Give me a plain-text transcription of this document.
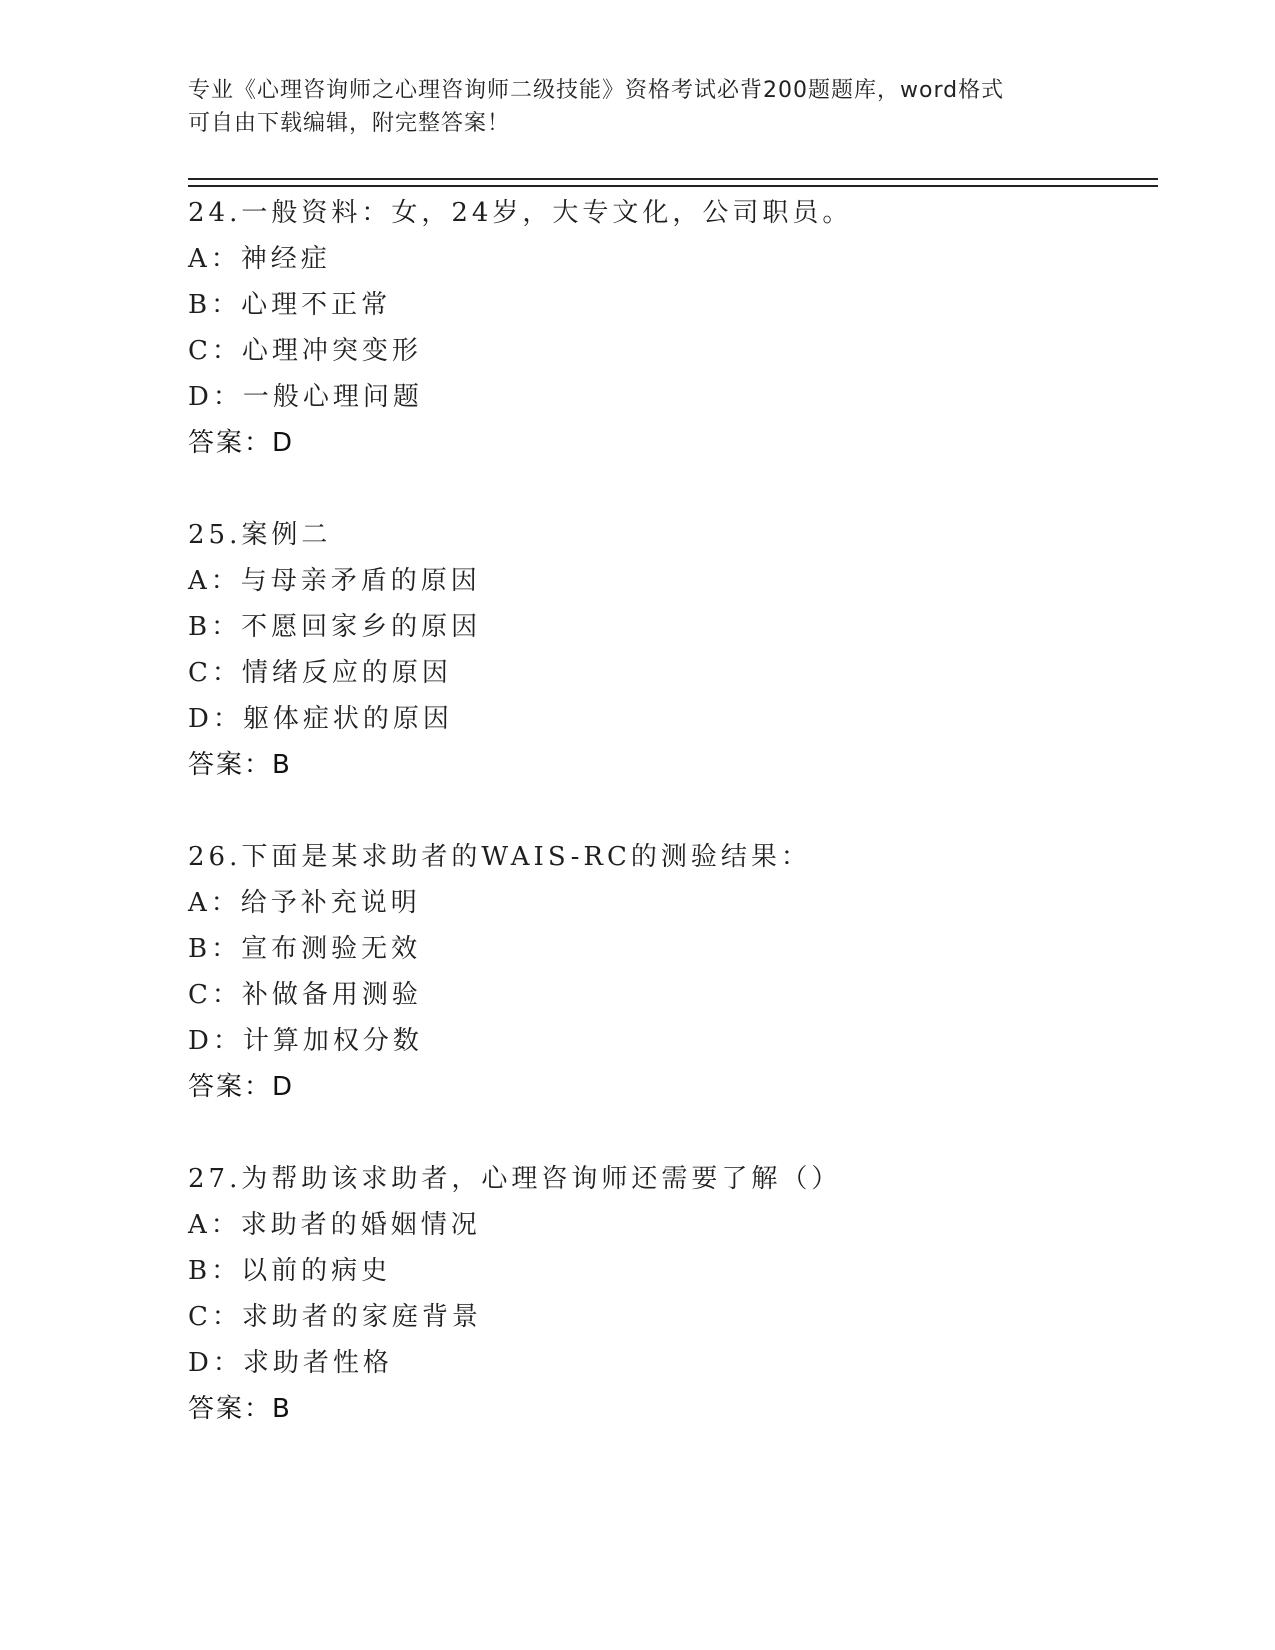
专业《心理咨询师之心理咨询师二级技能》资格考试必背200题题库，word格式
可自由下载编辑，附完整答案！
24.一般资料：女，24岁，大专文化，公司职员。
A：神经症
B：心理不正常
C：心理冲突变形
D：一般心理问题
答案：D
25.案例二
A：与母亲矛盾的原因
B：不愿回家乡的原因
C：情绪反应的原因
D：躯体症状的原因
答案：B
26.下面是某求助者的WAIS-RC的测验结果：
A：给予补充说明
B：宣布测验无效
C：补做备用测验
D：计算加权分数
答案：D
27.为帮助该求助者，心理咨询师还需要了解（）
A：求助者的婚姻情况
B：以前的病史
C：求助者的家庭背景
D：求助者性格
答案：B
